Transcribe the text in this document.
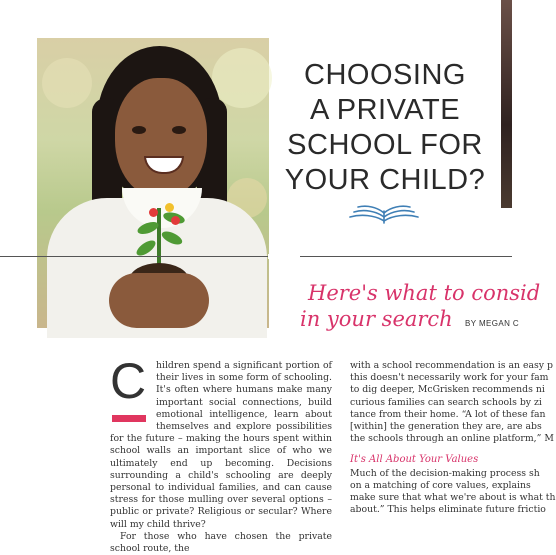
CHOOSING
A PRIVATE
SCHOOL FOR
YOUR CHILD?
Here's what to consid
in your search	BY MEGAN C
C	hildren spend a significant portion of their lives in some form of schooling. It's often where humans make many important social connections, build emotional intelligence, learn about themselves and explore possibilities for the future – making the hours spent within school walls an important slice of who we ultimately end up becoming. Decisions surrounding a child's schooling are deeply personal to individual families, and can cause stress for those mulling over several options – public or private? Religious or secular? Where will my child thrive?

For those who have chosen the private school route, the

with a school recommendation is an easy p
this doesn't necessarily work for your fam
to dig deeper, McGrisken recommends ni
curious families can search schools by zi
tance from their home. “A lot of these fan
[within] the generation they are, are abs
the schools through an online platform,” M
It's All About Your Values
Much of the decision-making process sh
on a matching of core values, explains
make sure that what we're about is what th
about.” This helps eliminate future frictio
